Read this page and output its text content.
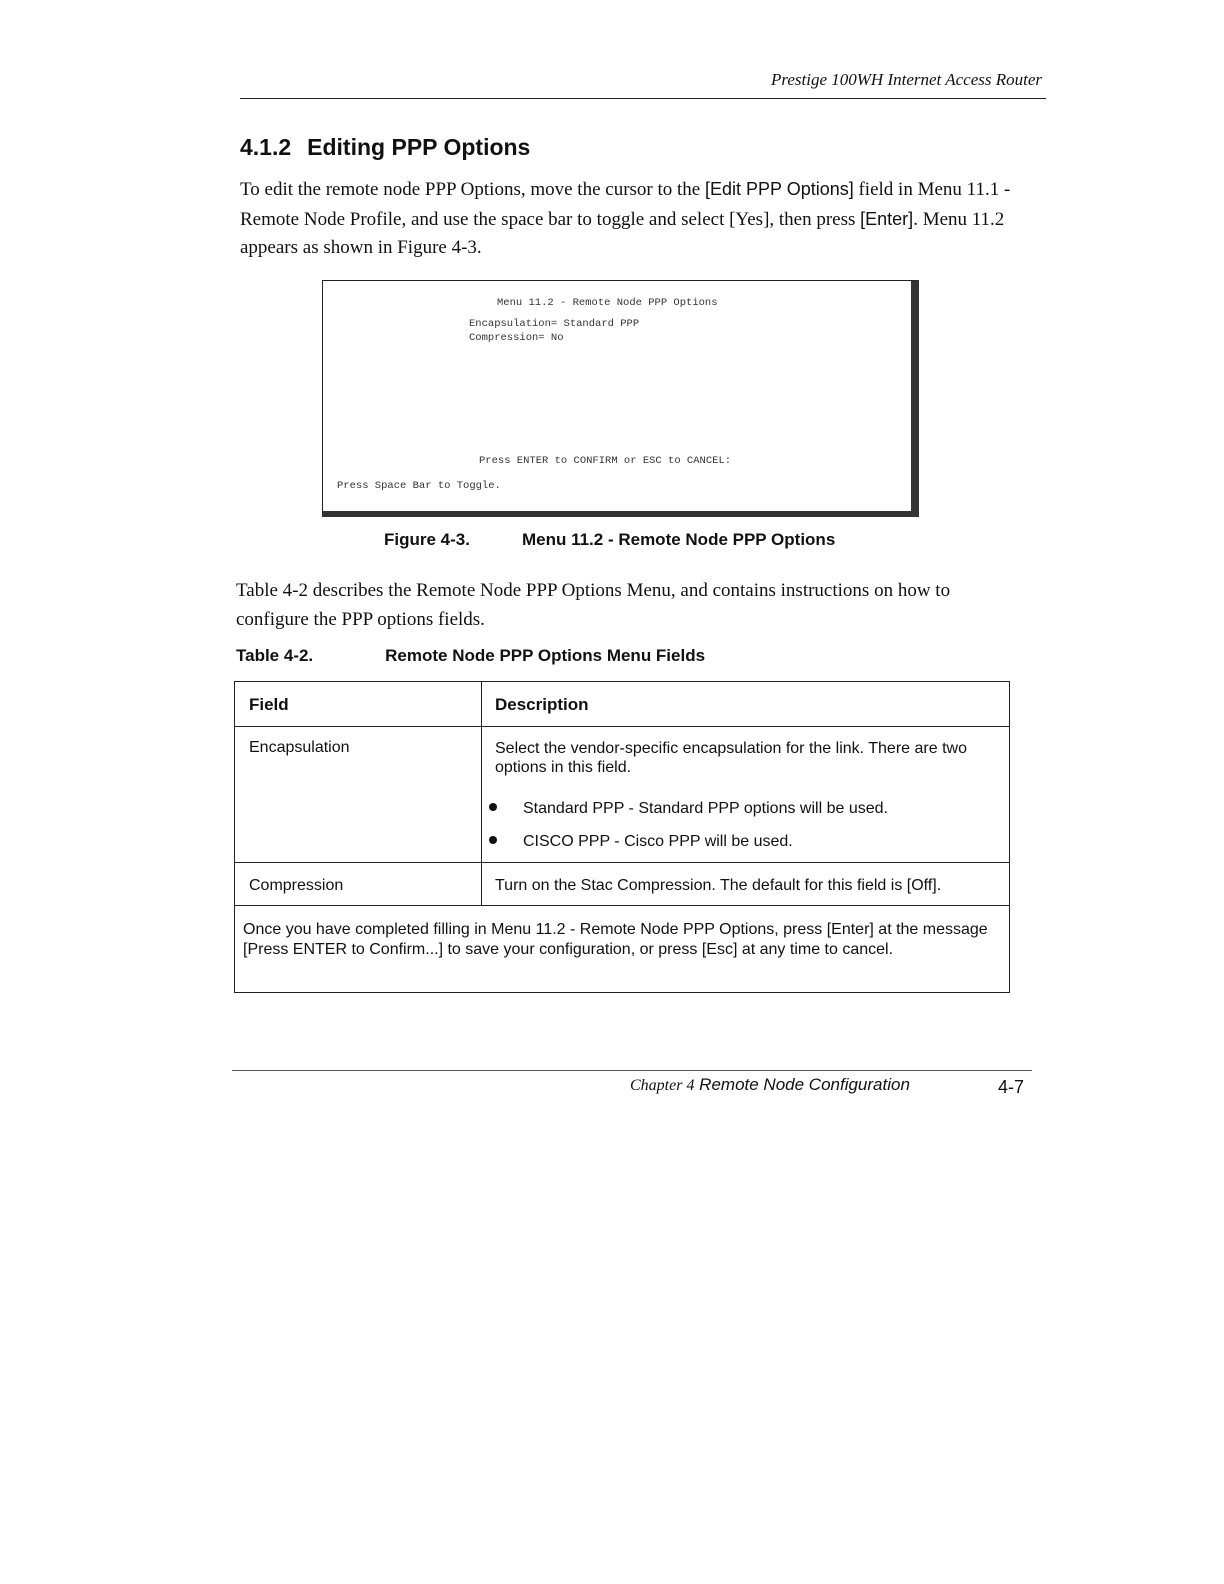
Prestige 100WH Internet Access Router
4.1.2 Editing PPP Options
To edit the remote node PPP Options, move the cursor to the [Edit PPP Options] field in Menu 11.1 - Remote Node Profile, and use the space bar to toggle and select [Yes], then press [Enter]. Menu 11.2 appears as shown in Figure 4-3.
Menu 11.2 - Remote Node PPP Options
Encapsulation= Standard PPP
Compression= No
Press ENTER to CONFIRM or ESC to CANCEL:
Press Space Bar to Toggle.
Figure 4-3.	Menu 11.2 - Remote Node PPP Options
Table 4-2 describes the Remote Node PPP Options Menu, and contains instructions on how to configure the PPP options fields.
Table 4-2.	Remote Node PPP Options Menu Fields
Field	Description
Encapsulation	Select the vendor-specific encapsulation for the link. There are two options in this field.
Standard PPP - Standard PPP options will be used.
CISCO PPP - Cisco PPP will be used.
Compression	Turn on the Stac Compression. The default for this field is [Off].
Once you have completed filling in Menu 11.2 - Remote Node PPP Options, press [Enter] at the message [Press ENTER to Confirm...] to save your configuration, or press [Esc] at any time to cancel.
Chapter 4 Remote Node Configuration	4-7
